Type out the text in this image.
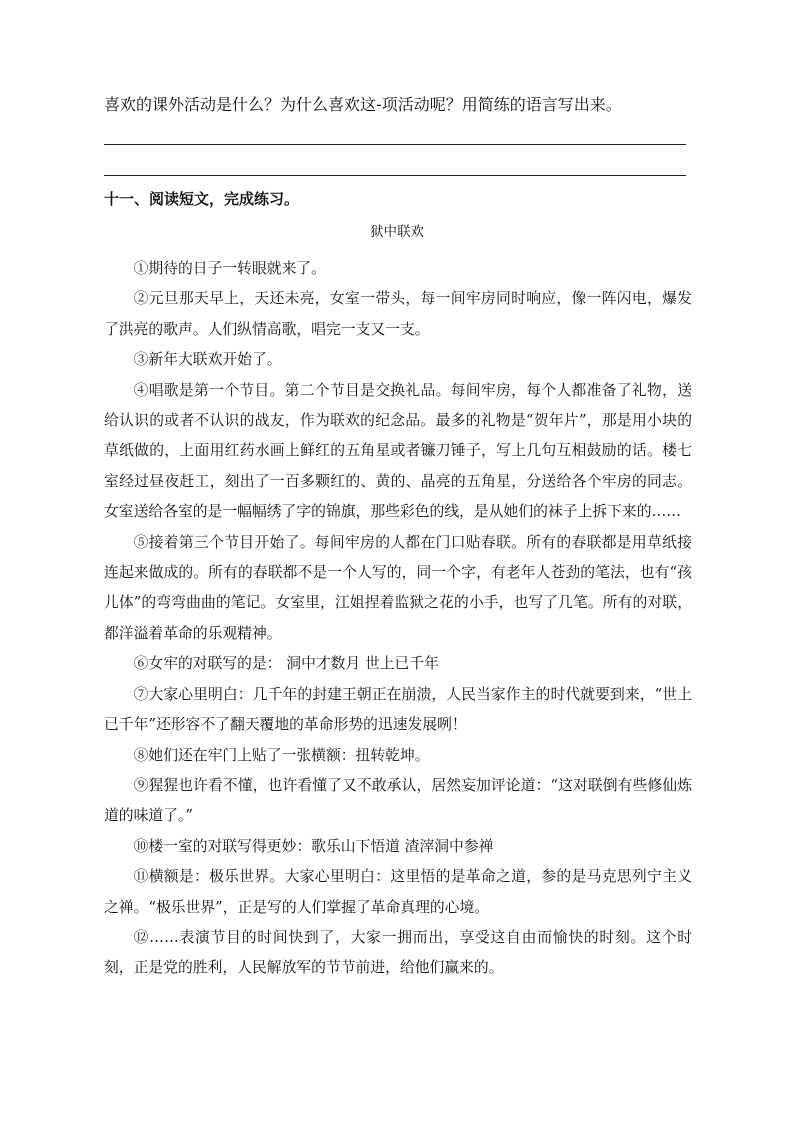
喜欢的课外活动是什么？为什么喜欢这-项活动呢？用简练的语言写出来。

十一、阅读短文，完成练习。

狱中联欢

①期待的日子一转眼就来了。

②元旦那天早上，天还未亮，女室一带头，每一间牢房同时响应，像一阵闪电，爆发了洪亮的歌声。人们纵情高歌，唱完一支又一支。

③新年大联欢开始了。

④唱歌是第一个节目。第二个节目是交换礼品。每间牢房，每个人都准备了礼物，送给认识的或者不认识的战友，作为联欢的纪念品。最多的礼物是“贺年片”，那是用小块的草纸做的，上面用红药水画上鲜红的五角星或者镰刀锤子，写上几句互相鼓励的话。楼七室经过昼夜赶工，刻出了一百多颗红的、黄的、晶亮的五角星，分送给各个牢房的同志。女室送给各室的是一幅幅绣了字的锦旗，那些彩色的线，是从她们的袜子上拆下来的……

⑤接着第三个节目开始了。每间牢房的人都在门口贴春联。所有的春联都是用草纸接连起来做成的。所有的春联都不是一个人写的，同一个字，有老年人苍劲的笔法，也有“孩儿体”的弯弯曲曲的笔记。女室里，江姐捏着监狱之花的小手，也写了几笔。所有的对联，都洋溢着革命的乐观精神。

⑥女牢的对联写的是： 洞中才数月 世上已千年

⑦大家心里明白：几千年的封建王朝正在崩溃，人民当家作主的时代就要到来，“世上已千年”还形容不了翻天覆地的革命形势的迅速发展咧！

⑧她们还在牢门上贴了一张横额：扭转乾坤。

⑨猩猩也许看不懂，也许看懂了又不敢承认，居然妄加评论道：“这对联倒有些修仙炼道的味道了。”

⑩楼一室的对联写得更妙：歌乐山下悟道 渣滓洞中参禅

⑪横额是：极乐世界。大家心里明白：这里悟的是革命之道，参的是马克思列宁主义之禅。“极乐世界”，正是写的人们掌握了革命真理的心境。

⑫……表演节目的时间快到了，大家一拥而出，享受这自由而愉快的时刻。这个时刻，正是党的胜利，人民解放军的节节前进，给他们赢来的。
